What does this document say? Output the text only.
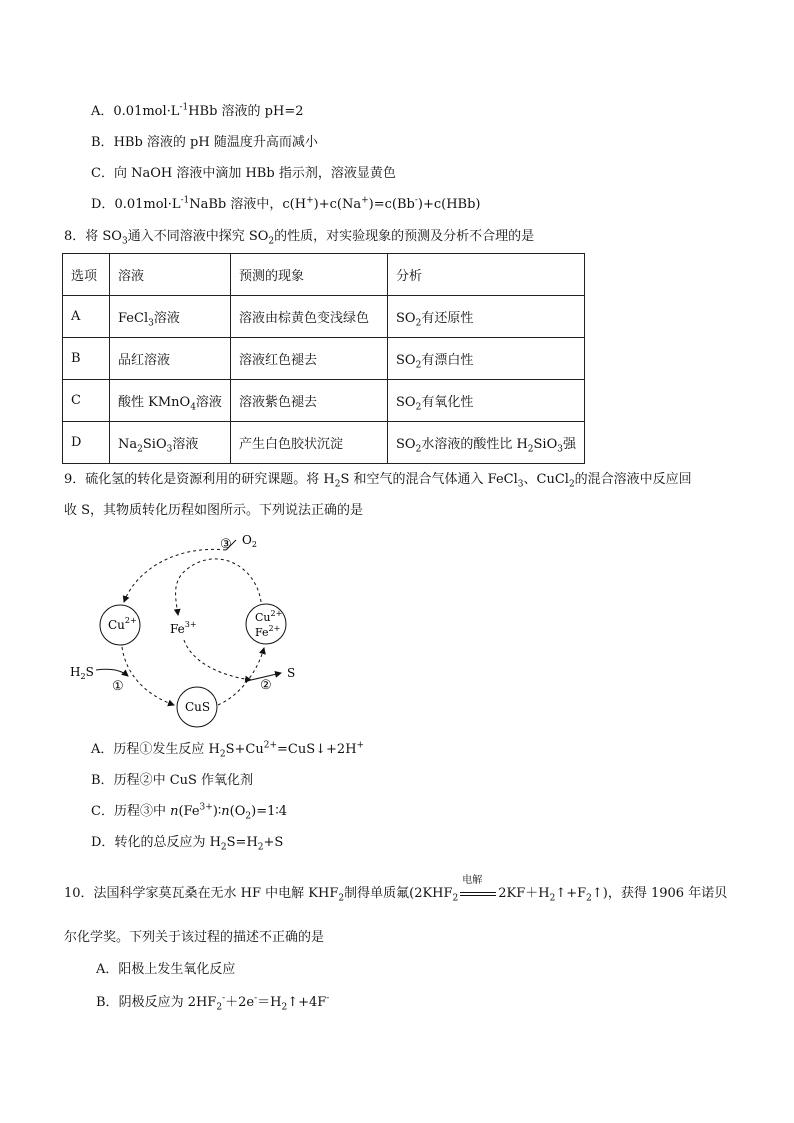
A．$0.01mol\cdot L^{-1}HBb$ 溶液的 pH=2
B．HBb 溶液的 pH 随温度升高而减小
C．向 NaOH 溶液中滴加 HBb 指示剂，溶液显黄色
D．$0.01mol\cdot L^{-1}NaBb$ 溶液中，c(H+)+c(Na+)=c(Bb-)+c(HBb)
8．将 $SO_3$通入不同溶液中探究 $SO_2$的性质，对实验现象的预测及分析不合理的是
选项	溶液	预测的现象	分析
A	FeCl$_3$溶液	溶液由棕黄色变浅绿色	$SO_2$有还原性
B	品红溶液	溶液红色褪去	$SO_2$有漂白性
C	酸性 KMnO$_4$溶液	溶液紫色褪去	$SO_2$有氧化性
D	$Na_2SiO_3$溶液	产生白色胶状沉淀	$SO_2$水溶液的酸性比 $H_2SiO_3$强
9．硫化氢的转化是资源利用的研究课题。将 $H_2S$ 和空气的混合气体通入 FeCl$_3$、CuCl$_2$的混合溶液中反应回
收 S，其物质转化历程如图所示。下列说法正确的是
$Cu^{2+}$	$Cu^{2+}$
$Fe^{2+}$
$Fe^{3+}$
CuS
$H_2S$	S
$O_2$
①	②
③
A．历程①发生反应 $H_2S+Cu^{2+}=CuS↓+2H^+$
B．历程②中 CuS 作氧化剂
C．历程③中 $n(Fe^{3+})∶n(O_2)=1∶4$
D．转化的总反应为 $H_2S=H_2+S$
10．法国科学家莫瓦桑在无水 HF 中电解 $KHF_2$制得单质氟($2KHF_2$
电解
$2KF+H_2↑+F_2↑$)，获得 1906 年诺贝
尔化学奖。下列关于该过程的描述不正确的是
A．阳极上发生氧化反应
B．阴极反应为 $2HF_2^-+2e^-=H_2↑+4F^-$
